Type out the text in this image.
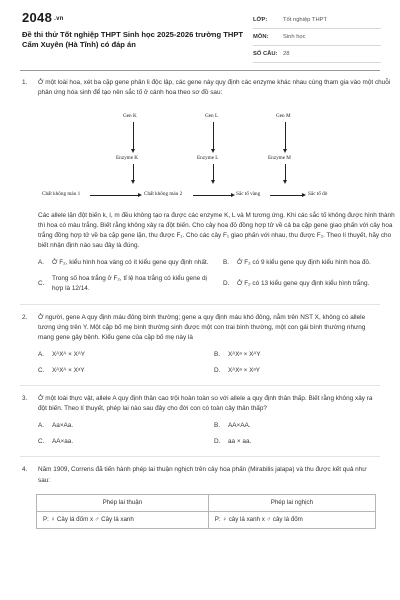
2048 .vn
Đề thi thử Tốt nghiệp THPT Sinh học 2025-2026 trường THPT Cẩm Xuyên (Hà Tĩnh) có đáp án
LỚP:	Tốt nghiệp THPT
MÔN:	Sinh học
SỐ CÂU: 28
1.	Ở một loài hoa, xét ba cặp gene phân li độc lập, các gene này quy định các enzyme khác nhau cùng tham gia vào một chuỗi phản ứng hóa sinh để tạo nên sắc tố ở cánh hoa theo sơ đồ sau:
Gen K	Gen L	Gen M
Enzyme K	Enzyme L	Enzyme M
Chất không màu 1	Chất không màu 2	Sắc tố vàng	Sắc tố đỏ
Các allele lặn đột biến k, l, m đều không tạo ra được các enzyme K, L và M tương ứng. Khi các sắc tố không được hình thành thì hoa có màu trắng. Biết rằng không xảy ra đột biến. Cho cây hoa đỏ đồng hợp tử về cả ba cặp gene giao phấn với cây hoa trắng đồng hợp tử về ba cặp gene lặn, thu được F₁. Cho các cây F₁ giao phấn với nhau, thu được F₂. Theo lí thuyết, hãy cho biết nhận định nào sau đây là đúng.
A.	Ở F₂, kiểu hình hoa vàng có ít kiểu gene quy định nhất.	B.	Ở F₂ có 9 kiểu gene quy định kiểu hình hoa đỏ.
C.
Trong số hoa trắng ở F₂, tỉ lệ hoa trắng có kiểu gene dị hợp là 12/14.
D.	Ở F₂ có 13 kiểu gene quy định kiểu hình trắng.
2.	Ở người, gene A quy định máu đông bình thường; gene a quy định máu khó đông, nằm trên NST X, không có allele tương ứng trên Y. Một cặp bố mẹ bình thường sinh được một con trai bình thường, một con gái bình thường nhưng mang gene gây bệnh. Kiểu gene của cặp bố mẹ này là
A.	XᴬXᴬ × XᴬY	B.	XᴬXᵃ × XᴬY
C.	XᴬXᴬ × XᵃY	D.	XᴬXᵃ × XᵃY
3.	Ở một loài thực vật, allele A quy định thân cao trội hoàn toàn so với allele a quy định thân thấp. Biết rằng không xảy ra đột biến. Theo lí thuyết, phép lai nào sau đây cho đời con có toàn cây thân thấp?
A.	Aa×Aa.	B.	AA×AA.
C.	AA×aa.	D.	aa × aa.
4.	Năm 1909, Correns đã tiến hành phép lai thuận nghịch trên cây hoa phấn (Mirabilis jalapa) và thu được kết quả như sau:
Phép lai thuận	Phép lai nghịch
P: ♀ Cây lá đốm x ♂ Cây lá xanh	P: ♀ cây lá xanh x ♂ cây lá đốm
